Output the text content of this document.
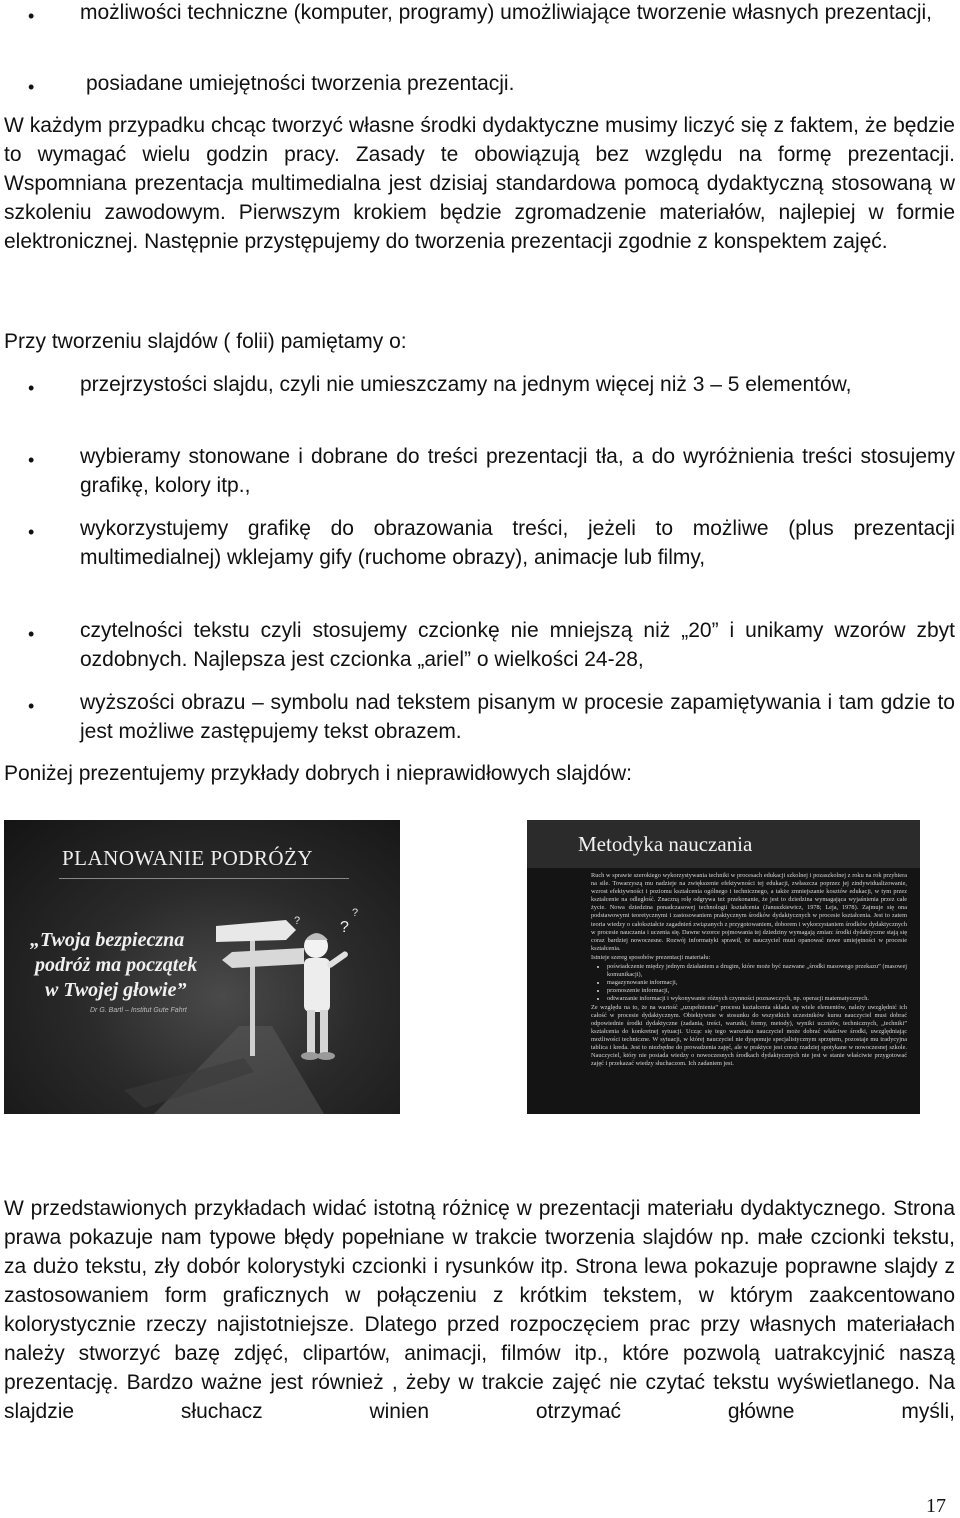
• możliwości techniczne (komputer, programy) umożliwiające tworzenie własnych prezentacji,

• posiadane umiejętności tworzenia prezentacji.

W każdym przypadku chcąc tworzyć własne środki dydaktyczne musimy liczyć się z faktem, że będzie to wymagać wielu godzin pracy. Zasady te obowiązują bez względu na formę prezentacji. Wspomniana prezentacja multimedialna jest dzisiaj standardowa pomocą dydaktyczną stosowaną w szkoleniu zawodowym. Pierwszym krokiem będzie zgromadzenie materiałów, najlepiej w formie elektronicznej. Następnie przystępujemy do tworzenia prezentacji zgodnie z konspektem zajęć.

Przy tworzeniu slajdów ( folii) pamiętamy o:

• przejrzystości slajdu, czyli nie umieszczamy na jednym więcej niż 3 – 5 elementów,

• wybieramy stonowane i dobrane do treści prezentacji tła, a do wyróżnienia treści stosujemy grafikę, kolory itp.,

• wykorzystujemy grafikę do obrazowania treści, jeżeli to możliwe (plus prezentacji multimedialnej) wklejamy gify (ruchome obrazy), animacje lub filmy,

• czytelności tekstu czyli stosujemy czcionkę nie mniejszą niż „20” i unikamy wzorów zbyt ozdobnych. Najlepsza jest czcionka „ariel” o wielkości 24-28,

• wyższości obrazu – symbolu nad tekstem pisanym w procesie zapamiętywania i tam gdzie to jest możliwe zastępujemy tekst obrazem.

Poniżej prezentujemy przykłady dobrych i nieprawidłowych slajdów:

PLANOWANIE PODRÓŻY
„Twoja bezpieczna
podróż ma początek
w Twojej głowie”
Dr G. Bartl – Institut Gute Fahrt
?
?
?
Metodyka nauczania

Ruch w sprawie szerokiego wykorzystywania techniki w procesach edukacji szkolnej i pozaszkolnej z roku na rok przybiera na sile. Towarzyszą mu nadzieje na zwiększenie efektywności tej edukacji, zwłaszcza poprzez jej zindywidualizowanie, wzrost efektywności i poziomu kształcenia ogólnego i technicznego, a także zmniejszanie kosztów edukacji, w tym przez kształcenie na odległość. Znaczną rolę odgrywa też przekonanie, że jest to dziedzina wymagająca wyjaśnienia przez całe życie. Nowa dziedzina ponadczasowej technologii kształcenia (Januszkiewicz, 1978; Leja, 1978). Zajmuje się ona podstawowymi teoretycznymi i zastosowaniem praktycznym środków dydaktycznych w procesie kształcenia. Jest to zatem teoria wiedzy o całokształcie zagadnień związanych z przygotowaniem, doborem i wykorzystaniem środków dydaktycznych w procesie nauczania i uczenia się. Dawne wzorce pojmowania tej dziedziny wymagają zmian: środki dydaktyczne stają się coraz bardziej nowoczesne. Rozwój informatyki sprawił, że nauczyciel musi opanować nowe umiejętności w procesie kształcenia.

Istnieje szereg sposobów prezentacji materiału:

• poświadczenie między jednym działaniem a drugim, które może być nazwane „środki masowego przekazu” (masowej komunikacji),
• magazynowanie informacji,
• przenoszenie informacji,
• odtwarzanie informacji i wykonywanie różnych czynności poznawczych, np. operacji matematycznych.

Ze względu na to, że na wartość „uzupełnienia” procesu kształcenia składa się wiele elementów, należy uwzględnić ich całość w procesie dydaktycznym. Obiektywnie w stosunku do wszystkich uczestników kursu nauczyciel musi dobrać odpowiednie środki dydaktyczne (zadania, treści, warunki, formy, metody), wyniki uczniów, technicznych, „techniki” kształcenia do konkretnej sytuacji. Ucząc się tego warsztatu nauczyciel może dobrać właściwe środki, uwzględniając możliwości techniczne. W sytuacji, w której nauczyciel nie dysponuje specjalistycznym sprzętem, pozostaje mu tradycyjna tablica i kreda. Jest to niezbędne do prowadzenia zajęć, ale w praktyce jest coraz rzadziej spotykane w nowoczesnej szkole. Nauczyciel, który nie posiada wiedzy o nowoczesnych środkach dydaktycznych nie jest w stanie właściwie przygotować zajęć i przekazać wiedzy słuchaczom. Ich zadaniem jest.

W przedstawionych przykładach widać istotną różnicę w prezentacji materiału dydaktycznego. Strona prawa pokazuje nam typowe błędy popełniane w trakcie tworzenia slajdów np. małe czcionki tekstu, za dużo tekstu, zły dobór kolorystyki czcionki i rysunków itp. Strona lewa pokazuje poprawne slajdy z zastosowaniem form graficznych w połączeniu z krótkim tekstem, w którym zaakcentowano kolorystycznie rzeczy najistotniejsze. Dlatego przed rozpoczęciem prac przy własnych materiałach należy stworzyć bazę zdjęć, clipartów, animacji, filmów itp., które pozwolą uatrakcyjnić naszą prezentację. Bardzo ważne jest również , żeby w trakcie zajęć nie czytać tekstu wyświetlanego. Na slajdzie słuchacz winien otrzymać główne myśli,

17
